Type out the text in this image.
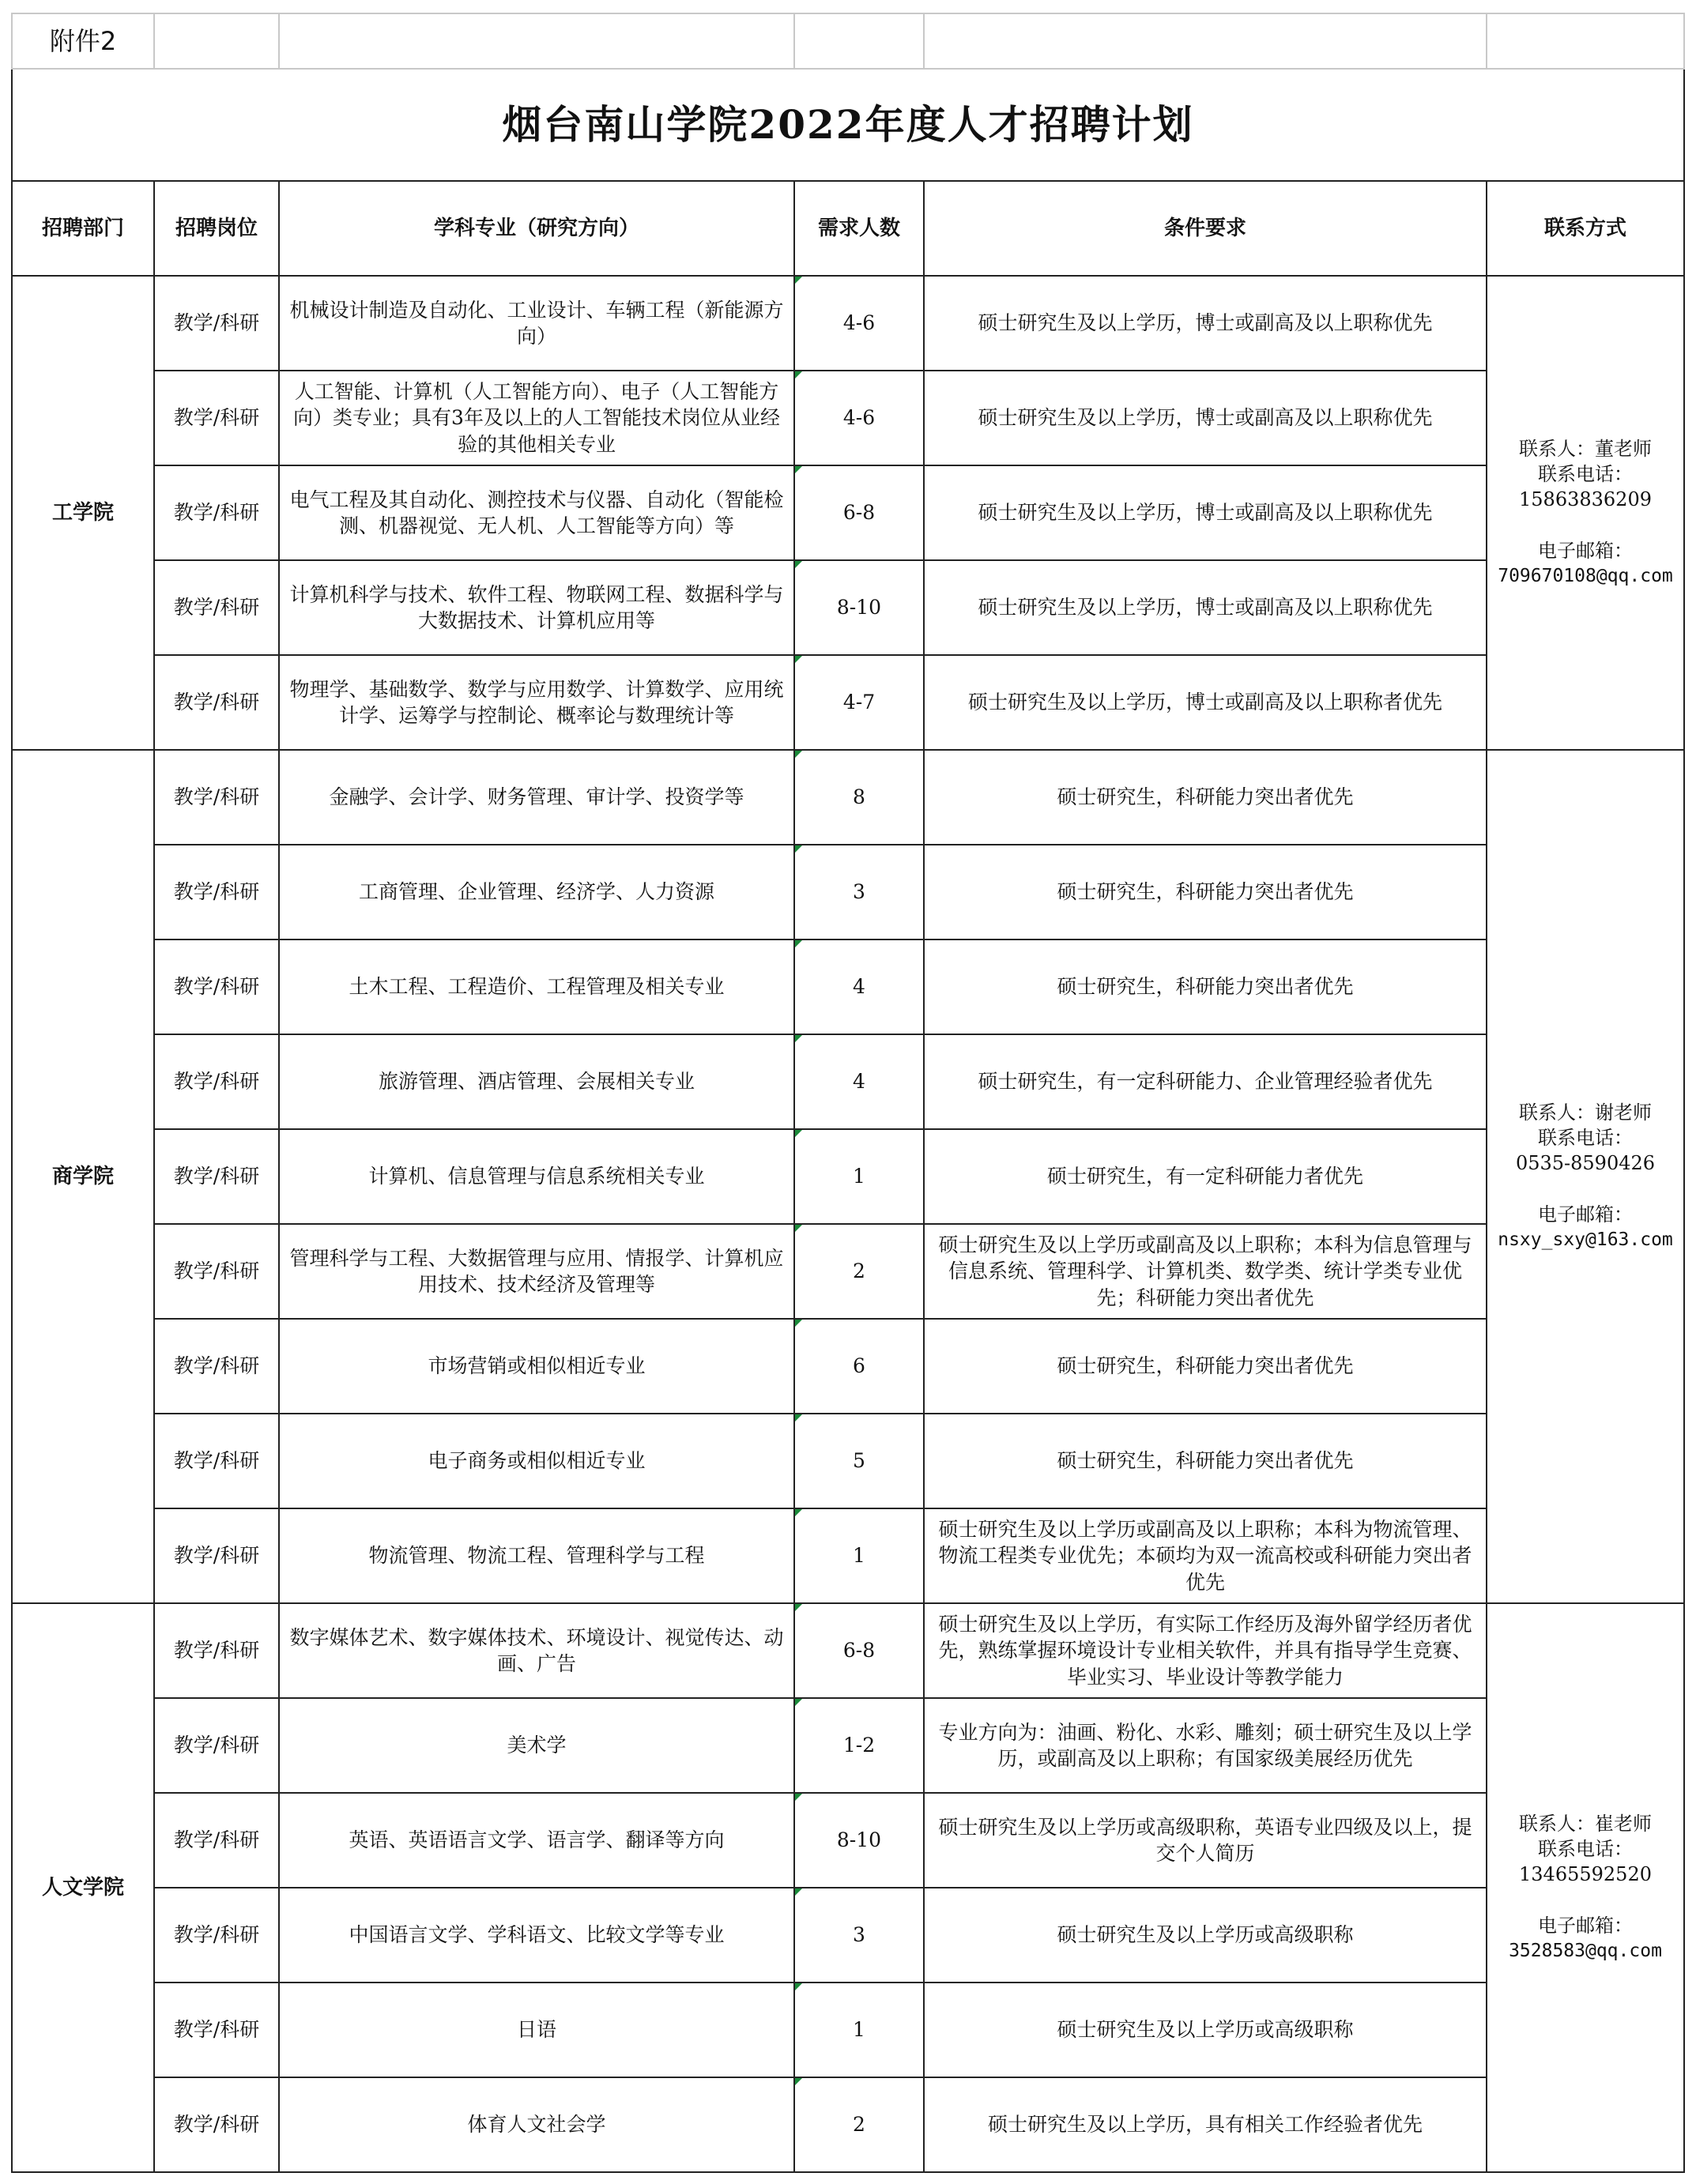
附件2					
烟台南山学院2022年度人才招聘计划					
招聘部门	招聘岗位	学科专业（研究方向）	需求人数	条件要求	联系方式
工学院	教学/科研	机械设计制造及自动化、工业设计、车辆工程（新能源方向）	4-6	硕士研究生及以上学历，博士或副高及以上职称优先	联系人：董老师
联系电话：
15863836209
电子邮箱：
709670108@qq.com

	教学/科研	人工智能、计算机（人工智能方向）、电子（人工智能方向）类专业；具有3年及以上的人工智能技术岗位从业经验的其他相关专业	4-6	硕士研究生及以上学历，博士或副高及以上职称优先	
	教学/科研	电气工程及其自动化、测控技术与仪器、自动化（智能检测、机器视觉、无人机、人工智能等方向）等	6-8	硕士研究生及以上学历，博士或副高及以上职称优先	
	教学/科研	计算机科学与技术、软件工程、物联网工程、数据科学与大数据技术、计算机应用等	8-10	硕士研究生及以上学历，博士或副高及以上职称优先	
	教学/科研	物理学、基础数学、数学与应用数学、计算数学、应用统计学、运筹学与控制论、概率论与数理统计等	4-7	硕士研究生及以上学历，博士或副高及以上职称者优先	
商学院	教学/科研	金融学、会计学、财务管理、审计学、投资学等	8	硕士研究生，科研能力突出者优先	联系人：谢老师
联系电话：
0535-8590426
电子邮箱：
nsxy_sxy@163.com

	教学/科研	工商管理、企业管理、经济学、人力资源	3	硕士研究生，科研能力突出者优先	
	教学/科研	土木工程、工程造价、工程管理及相关专业	4	硕士研究生，科研能力突出者优先	
	教学/科研	旅游管理、酒店管理、会展相关专业	4	硕士研究生，有一定科研能力、企业管理经验者优先	
	教学/科研	计算机、信息管理与信息系统相关专业	1	硕士研究生，有一定科研能力者优先	
	教学/科研	管理科学与工程、大数据管理与应用、情报学、计算机应用技术、技术经济及管理等	2	硕士研究生及以上学历或副高及以上职称；本科为信息管理与信息系统、管理科学、计算机类、数学类、统计学类专业优先；科研能力突出者优先	
	教学/科研	市场营销或相似相近专业	6	硕士研究生，科研能力突出者优先	
	教学/科研	电子商务或相似相近专业	5	硕士研究生，科研能力突出者优先	
	教学/科研	物流管理、物流工程、管理科学与工程	1	硕士研究生及以上学历或副高及以上职称；本科为物流管理、物流工程类专业优先；本硕均为双一流高校或科研能力突出者优先	
人文学院	教学/科研	数字媒体艺术、数字媒体技术、环境设计、视觉传达、动画、广告	6-8	硕士研究生及以上学历，有实际工作经历及海外留学经历者优先，熟练掌握环境设计专业相关软件，并具有指导学生竞赛、毕业实习、毕业设计等教学能力	联系人：崔老师
联系电话：
13465592520
电子邮箱：
3528583@qq.com

	教学/科研	美术学	1-2	专业方向为：油画、粉化、水彩、雕刻；硕士研究生及以上学历，或副高及以上职称；有国家级美展经历优先	
	教学/科研	英语、英语语言文学、语言学、翻译等方向	8-10	硕士研究生及以上学历或高级职称，英语专业四级及以上，提交个人简历	
	教学/科研	中国语言文学、学科语文、比较文学等专业	3	硕士研究生及以上学历或高级职称	
	教学/科研	日语	1	硕士研究生及以上学历或高级职称	
	教学/科研	体育人文社会学	2	硕士研究生及以上学历，具有相关工作经验者优先	
